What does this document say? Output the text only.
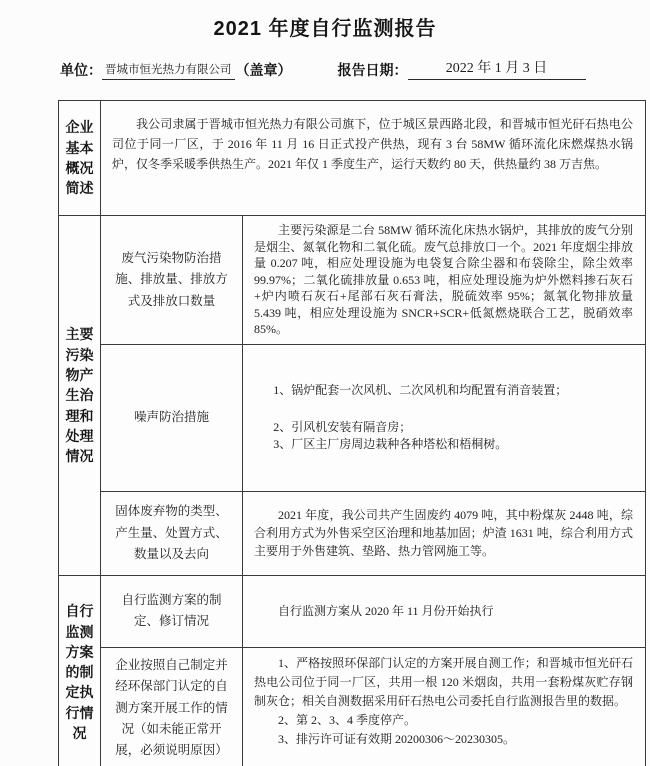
2021 年度自行监测报告
单位： 晋城市恒光热力有限公司 （盖章）	报告日期：	2022 年 1 月 3 日
企业基本概况简述	我公司隶属于晋城市恒光热力有限公司旗下，位于城区景西路北段，和晋城市恒光矸石热电公司位于同一厂区，于 2016 年 11 月 16 日正式投产供热，现有 3 台 58MW 循环流化床燃煤热水锅炉，仅冬季采暖季供热生产。2021 年仅 1 季度生产，运行天数约 80 天，供热量约 38 万吉焦。	

主要污染物产生治理和处理情况	废气污染物防治措施、排放量、排放方式及排放口数量	主要污染源是二台 58MW 循环流化床热水锅炉，其排放的废气分别是烟尘、氮氧化物和二氧化硫。废气总排放口一个。2021 年度烟尘排放量 0.207 吨，相应处理设施为电袋复合除尘器和布袋除尘，除尘效率 99.97%；二氧化硫排放量 0.653 吨，相应处理设施为炉外燃料掺石灰石+炉内喷石灰石+尾部石灰石膏法，脱硫效率 95%；氮氧化物排放量 5.439 吨，相应处理设施为 SNCR+SCR+低氮燃烧联合工艺，脱硝效率 85%。

	噪声防治措施	1、锅炉配套一次风机、二次风机和均配置有消音装置；
2、引风机安装有隔音房；
3、厂区主厂房周边栽种各种塔松和梧桐树。

	固体废弃物的类型、产生量、处置方式、数量以及去向	2021 年度，我公司共产生固废约 4079 吨，其中粉煤灰 2448 吨，综合利用方式为外售采空区治理和地基加固；炉渣 1631 吨，综合利用方式主要用于外售建筑、垫路、热力管网施工等。

自行监测方案的制定执行情况	自行监测方案的制定、修订情况	自行监测方案从 2020 年 11 月份开始执行

	企业按照自己制定并经环保部门认定的自测方案开展工作的情况（如未能正常开展，必须说明原因）	1、严格按照环保部门认定的方案开展自测工作；和晋城市恒光矸石热电公司位于同一厂区，共用一根 120 米烟囱，共用一套粉煤灰贮存钢制灰仓；相关自测数据采用矸石热电公司委托自行监测报告里的数据。

2、第 2、3、4 季度停产。

3、排污许可证有效期 20200306～20230305。
